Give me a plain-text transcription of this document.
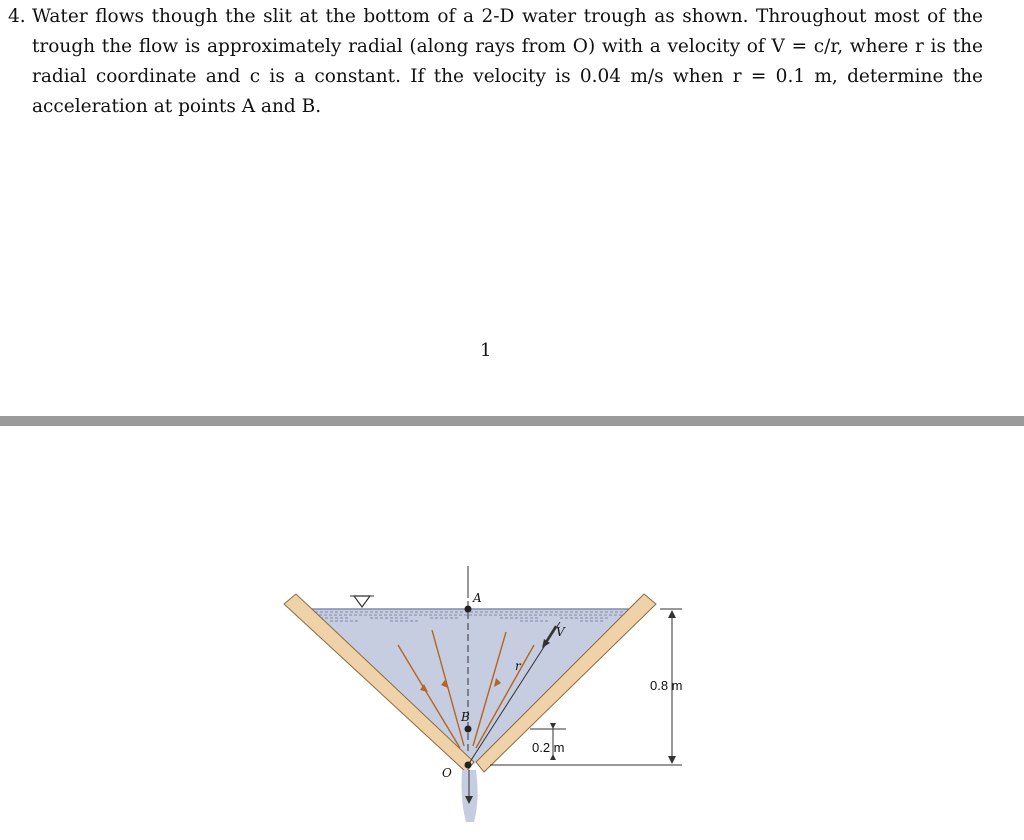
4. Water flows though the slit at the bottom of a 2-D water trough as shown. Throughout most of the trough the flow is approximately radial (along rays from O) with a velocity of V = c/r, where r is the radial coordinate and c is a constant. If the velocity is 0.04 m/s when r = 0.1 m, determine the acceleration at points A and B.
1
A
B
O
V
r
0.8 m
0.2 m
